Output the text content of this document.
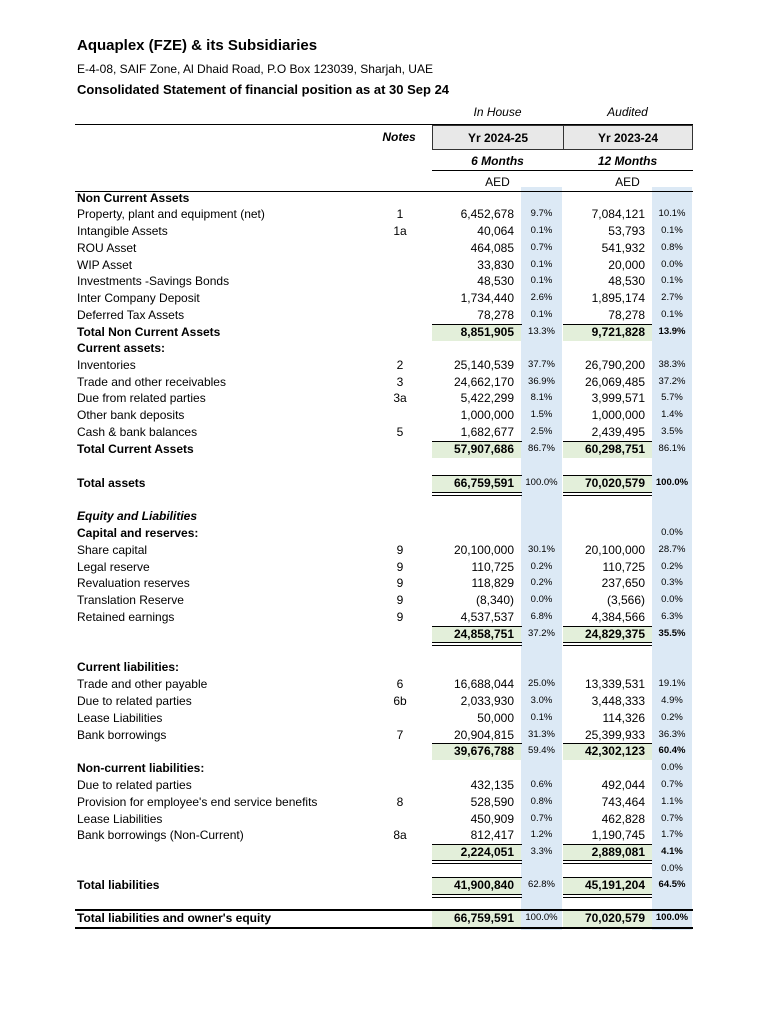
Aquaplex (FZE) & its Subsidiaries
E-4-08, SAIF Zone, Al Dhaid Road, P.O Box 123039, Sharjah, UAE
Consolidated Statement of financial position as at 30 Sep 24
In House	Audited
Notes	Yr 2024-25	Yr 2023-24
6 Months	12 Months
AED	AED
Non Current Assets
Property, plant and equipment (net)	1	6,452,678	9.7%	7,084,121	10.1%
Intangible Assets	1a	40,064	0.1%	53,793	0.1%
ROU Asset	464,085	0.7%	541,932	0.8%
WIP Asset	33,830	0.1%	20,000	0.0%
Investments -Savings Bonds	48,530	0.1%	48,530	0.1%
Inter Company Deposit	1,734,440	2.6%	1,895,174	2.7%
Deferred Tax Assets	78,278	0.1%	78,278	0.1%
Total Non Current Assets	8,851,905	13.3%	9,721,828	13.9%
Current assets:
Inventories	2	25,140,539	37.7%	26,790,200	38.3%
Trade and other receivables	3	24,662,170	36.9%	26,069,485	37.2%
Due from related parties	3a	5,422,299	8.1%	3,999,571	5.7%
Other bank deposits	1,000,000	1.5%	1,000,000	1.4%
Cash & bank balances	5	1,682,677	2.5%	2,439,495	3.5%
Total Current Assets	57,907,686	86.7%	60,298,751	86.1%
Total assets	66,759,591	100.0%	70,020,579	100.0%
Equity and Liabilities
Capital and reserves:	0.0%
Share capital	9	20,100,000	30.1%	20,100,000	28.7%
Legal reserve	9	110,725	0.2%	110,725	0.2%
Revaluation reserves	9	118,829	0.2%	237,650	0.3%
Translation Reserve	9	(8,340)	0.0%	(3,566)	0.0%
Retained earnings	9	4,537,537	6.8%	4,384,566	6.3%
24,858,751	37.2%	24,829,375	35.5%
Current liabilities:
Trade and other payable	6	16,688,044	25.0%	13,339,531	19.1%
Due to related parties	6b	2,033,930	3.0%	3,448,333	4.9%
Lease Liabilities	50,000	0.1%	114,326	0.2%
Bank borrowings	7	20,904,815	31.3%	25,399,933	36.3%
39,676,788	59.4%	42,302,123	60.4%
Non-current liabilities:	0.0%
Due to related parties	432,135	0.6%	492,044	0.7%
Provision for employee's end service benefits	8	528,590	0.8%	743,464	1.1%
Lease Liabilities	450,909	0.7%	462,828	0.7%
Bank borrowings (Non-Current)	8a	812,417	1.2%	1,190,745	1.7%
2,224,051	3.3%	2,889,081	4.1%
0.0%
Total liabilities	41,900,840	62.8%	45,191,204	64.5%
Total liabilities and owner's equity	66,759,591	100.0%	70,020,579	100.0%
